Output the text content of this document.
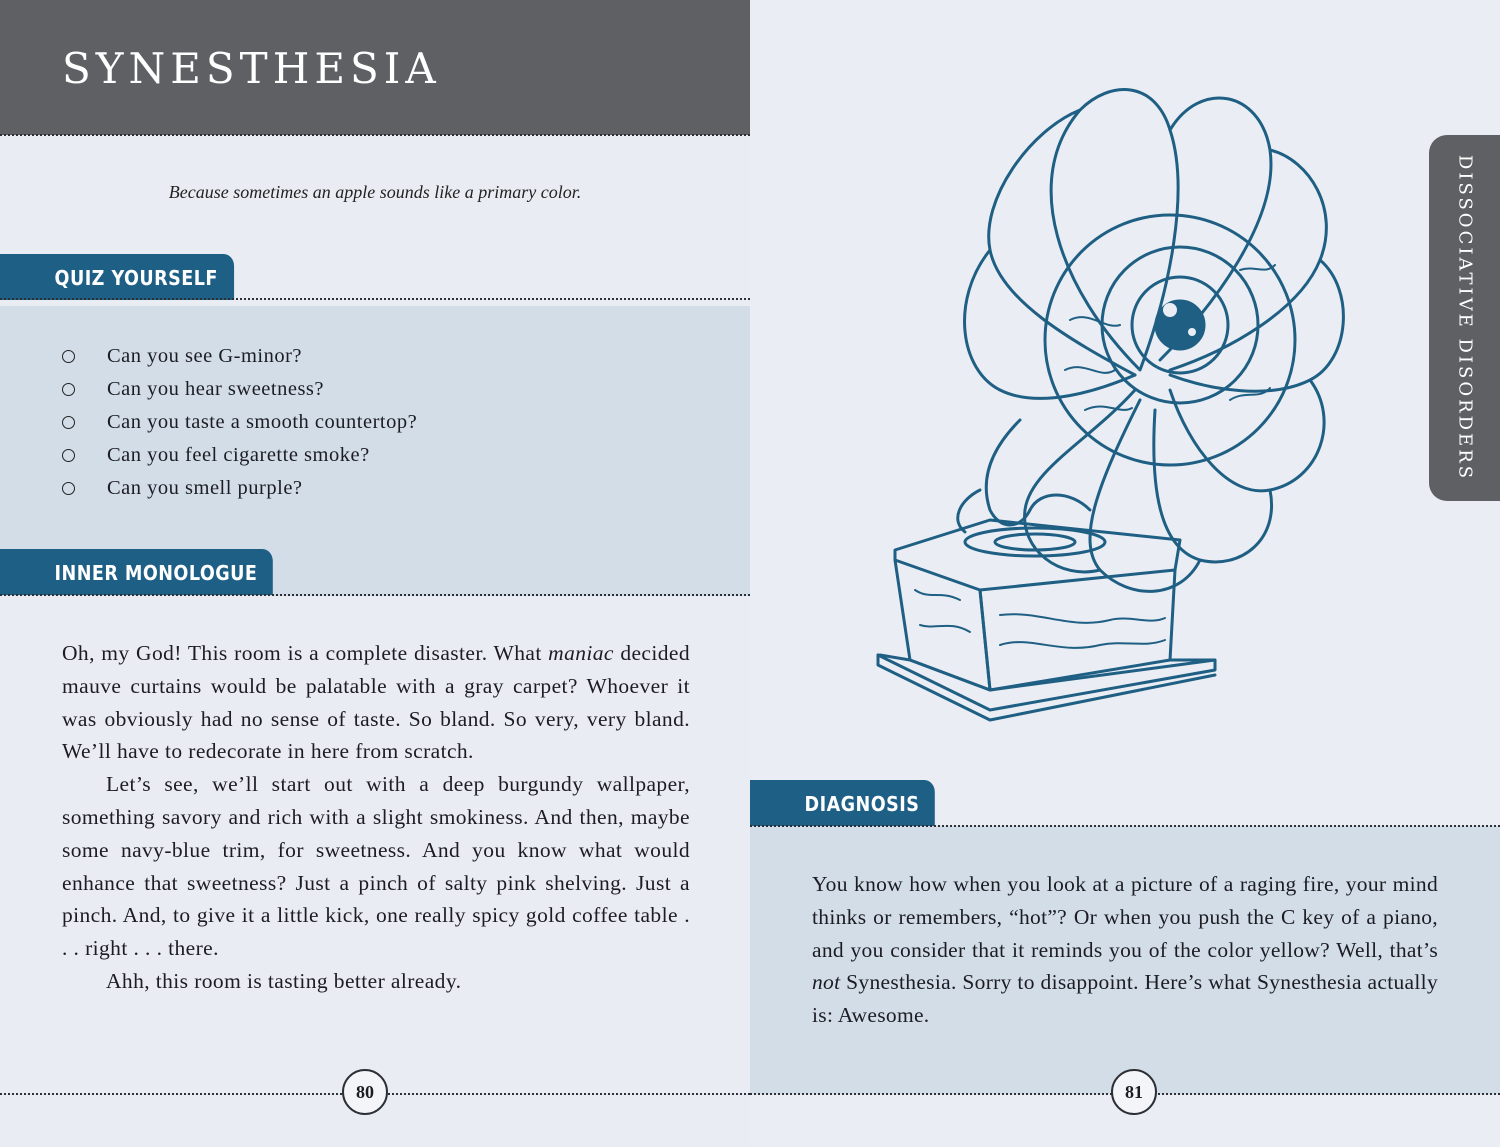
SYNESTHESIA
Because sometimes an apple sounds like a primary color.
QUIZ YOURSELF
Can you see G-minor?
Can you hear sweetness?
Can you taste a smooth countertop?
Can you feel cigarette smoke?
Can you smell purple?
INNER MONOLOGUE

Oh, my God! This room is a complete disaster. What maniac decided mauve curtains would be palatable with a gray carpet? Whoever it was obviously had no sense of taste. So bland. So very, very bland. We’ll have to redecorate in here from scratch.

Let’s see, we’ll start out with a deep burgundy wallpaper, something savory and rich with a slight smokiness. And then, maybe some navy-blue trim, for sweetness. And you know what would enhance that sweetness? Just a pinch of salty pink shelving. Just a pinch. And, to give it a little kick, one really spicy gold coffee table . . . right . . . there.

Ahh, this room is tasting better already.

80
DIAGNOSIS
81
You know how when you look at a picture of a raging fire, your mind thinks or remembers, “hot”? Or when you push the C key of a piano, and you consider that it reminds you of the color yellow? Well, that’s not Synesthesia. Sorry to disappoint. Here’s what Synesthesia actually is: Awesome.
DISSOCIATIVE DISORDERS
